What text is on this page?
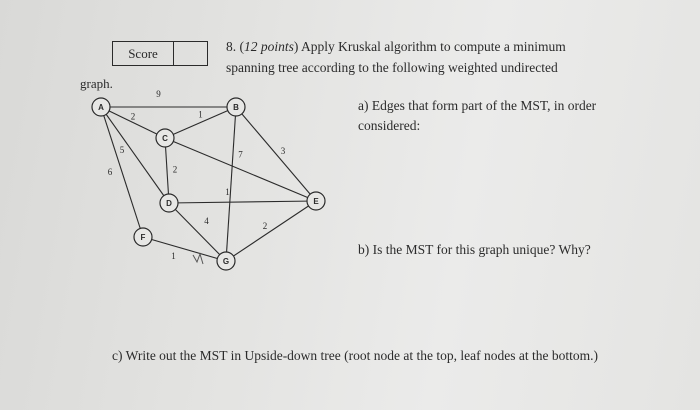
Score	8. (12 points) Apply Kruskal algorithm to compute a minimum spanning tree according to the following weighted undirected
graph.
9
2
5
6
1
2
7	3
1
4
1
2
A	B
C
D	E
F
G
a) Edges that form part of the MST, in order considered:
b) Is the MST for this graph unique? Why?
c) Write out the MST in Upside-down tree (root node at the top, leaf nodes at the bottom.)
